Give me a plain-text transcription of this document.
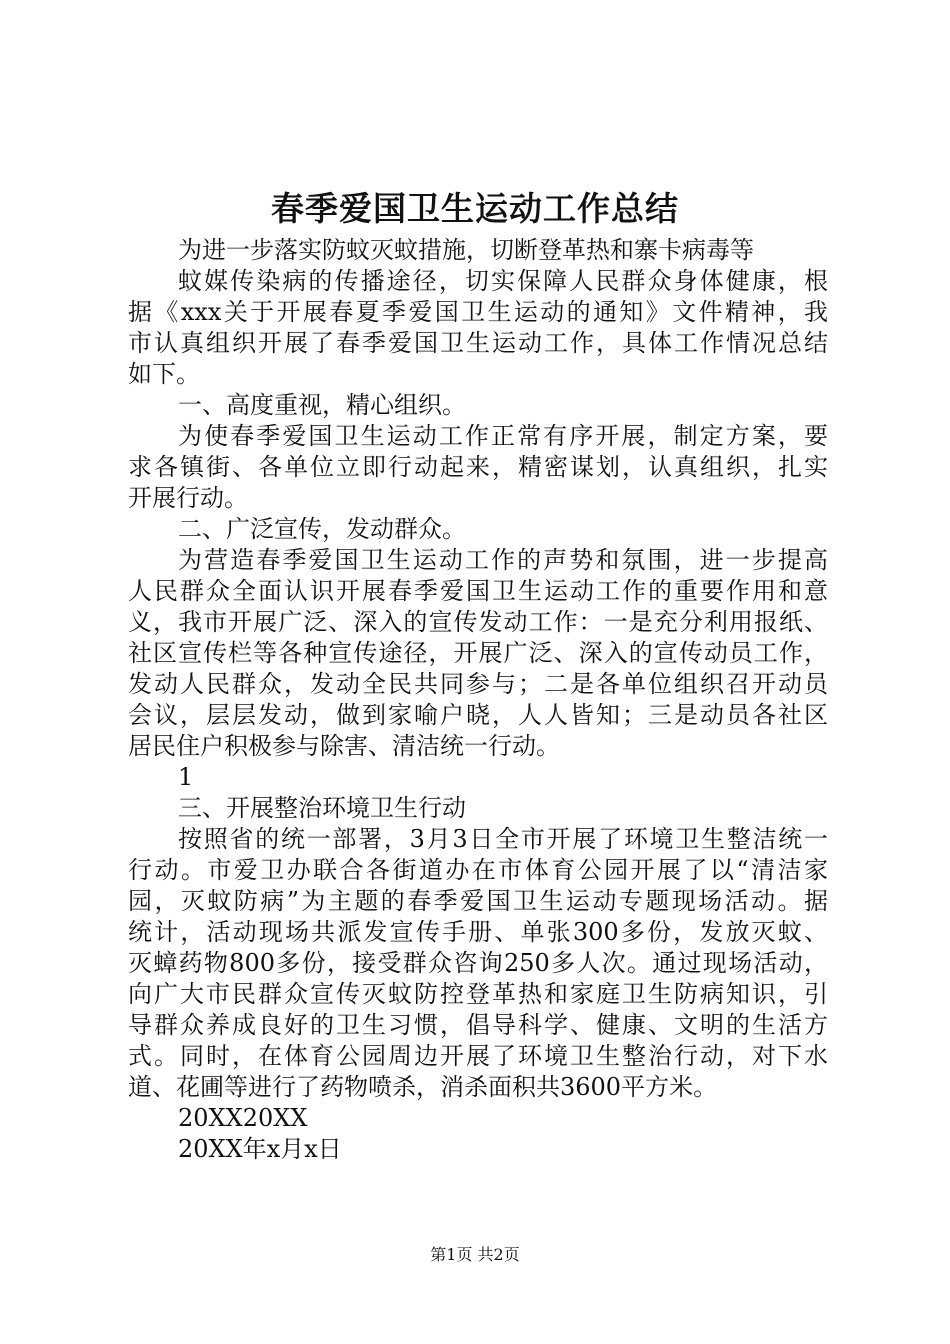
春季爱国卫生运动工作总结
为进一步落实防蚊灭蚊措施，切断登革热和寨卡病毒等
蚊媒传染病的传播途径，切实保障人民群众身体健康，根
据《xxx关于开展春夏季爱国卫生运动的通知》文件精神，我
市认真组织开展了春季爱国卫生运动工作，具体工作情况总结
如下。
一、高度重视，精心组织。
为使春季爱国卫生运动工作正常有序开展，制定方案，要
求各镇街、各单位立即行动起来，精密谋划，认真组织，扎实
开展行动。
二、广泛宣传，发动群众。
为营造春季爱国卫生运动工作的声势和氛围，进一步提高
人民群众全面认识开展春季爱国卫生运动工作的重要作用和意
义，我市开展广泛、深入的宣传发动工作：一是充分利用报纸、
社区宣传栏等各种宣传途径，开展广泛、深入的宣传动员工作，
发动人民群众，发动全民共同参与；二是各单位组织召开动员
会议，层层发动，做到家喻户晓，人人皆知；三是动员各社区
居民住户积极参与除害、清洁统一行动。
1
三、开展整治环境卫生行动
按照省的统一部署，3月3日全市开展了环境卫生整洁统一
行动。市爱卫办联合各街道办在市体育公园开展了以“清洁家
园，灭蚊防病”为主题的春季爱国卫生运动专题现场活动。据
统计，活动现场共派发宣传手册、单张300多份，发放灭蚊、
灭蟑药物800多份，接受群众咨询250多人次。通过现场活动，
向广大市民群众宣传灭蚊防控登革热和家庭卫生防病知识，引
导群众养成良好的卫生习惯，倡导科学、健康、文明的生活方
式。同时，在体育公园周边开展了环境卫生整治行动，对下水
道、花圃等进行了药物喷杀，消杀面积共3600平方米。
20XX20XX
20XX年x月x日
第1页 共2页
